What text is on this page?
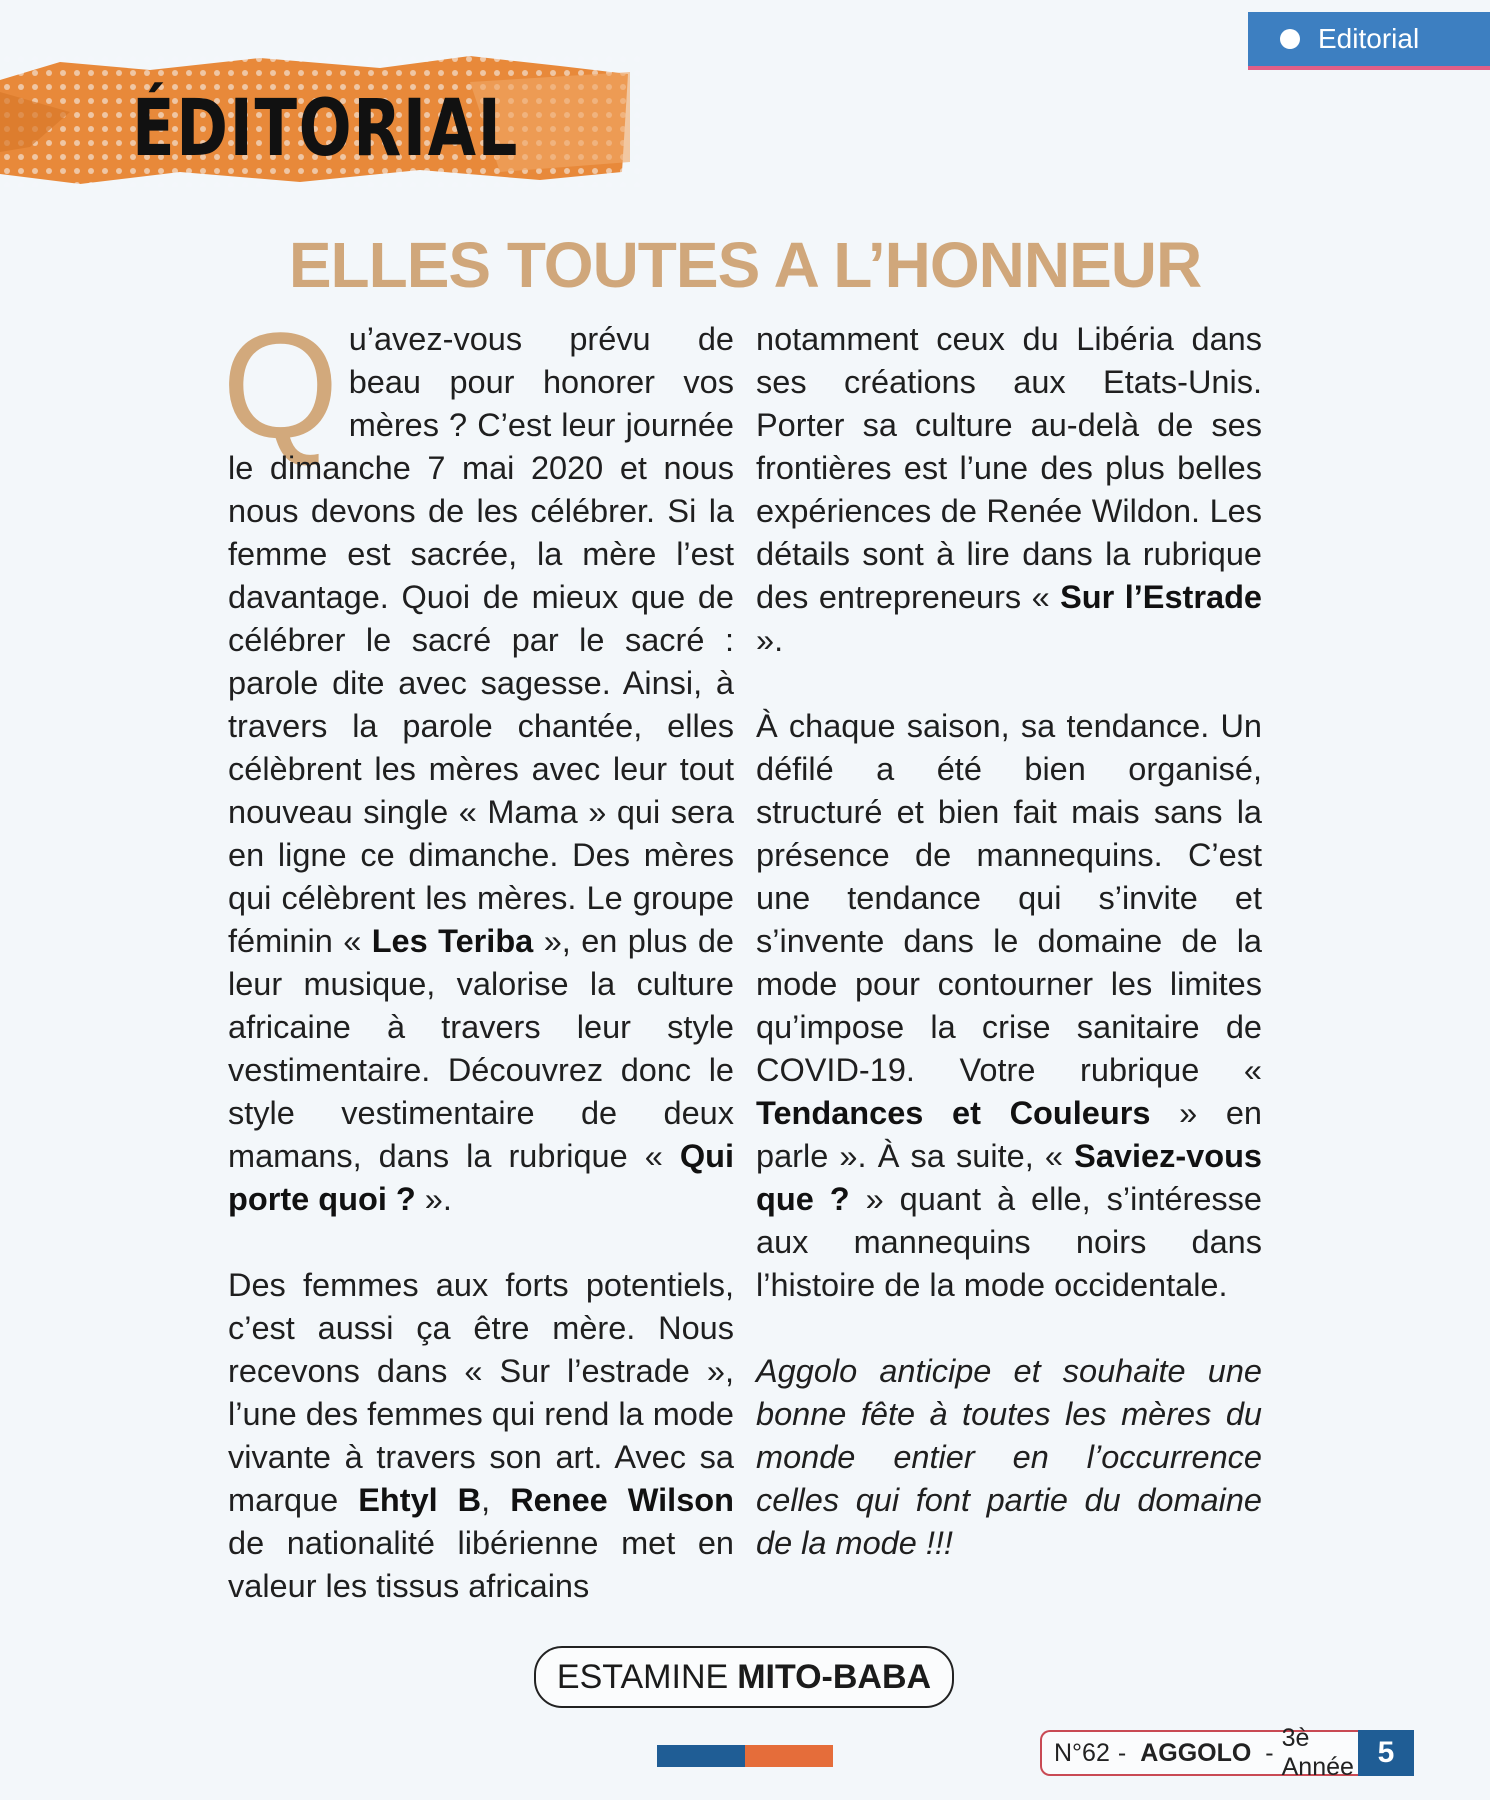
Editorial
ÉDITORIAL
ELLES TOUTES A L’HONNEUR

Qu’avez-vous prévu de beau pour honorer vos mères ? C’est leur journée le dimanche 7 mai 2020 et nous nous devons de les célébrer. Si la femme est sacrée, la mère l’est davantage. Quoi de mieux que de célébrer le sacré par le sacré : parole dite avec sagesse. Ainsi, à travers la parole chantée, elles célèbrent les mères avec leur tout nouveau single « Mama » qui sera en ligne ce dimanche. Des mères qui célèbrent les mères. Le groupe féminin « Les Teriba », en plus de leur musique, valorise la culture africaine à travers leur style vestimentaire. Découvrez donc le style vestimentaire de deux mamans, dans la rubrique « Qui porte quoi ? ».

Des femmes aux forts potentiels, c’est aussi ça être mère. Nous recevons dans « Sur l’estrade », l’une des femmes qui rend la mode vivante à travers son art. Avec sa marque Ehtyl B, Renee Wilson de nationalité libérienne met en valeur les tissus africains

notamment ceux du Libéria dans ses créations aux Etats-Unis. Porter sa culture au-delà de ses frontières est l’une des plus belles expériences de Renée Wildon. Les détails sont à lire dans la rubrique des entrepreneurs « Sur l’Estrade ».

À chaque saison, sa tendance. Un défilé a été bien organisé, structuré et bien fait mais sans la présence de mannequins. C’est une tendance qui s’invite et s’invente dans le domaine de la mode pour contourner les limites qu’impose la crise sanitaire de COVID-19. Votre rubrique « Tendances et Couleurs » en parle ». À sa suite, « Saviez-vous que ? » quant à elle, s’intéresse aux mannequins noirs dans l’histoire de la mode occidentale.

Aggolo anticipe et souhaite une bonne fête à toutes les mères du monde entier en l’occurrence celles qui font partie du domaine de la mode !!!

ESTAMINE MITO-BABA
N°62 - AGGOLO -
3è Année 5
